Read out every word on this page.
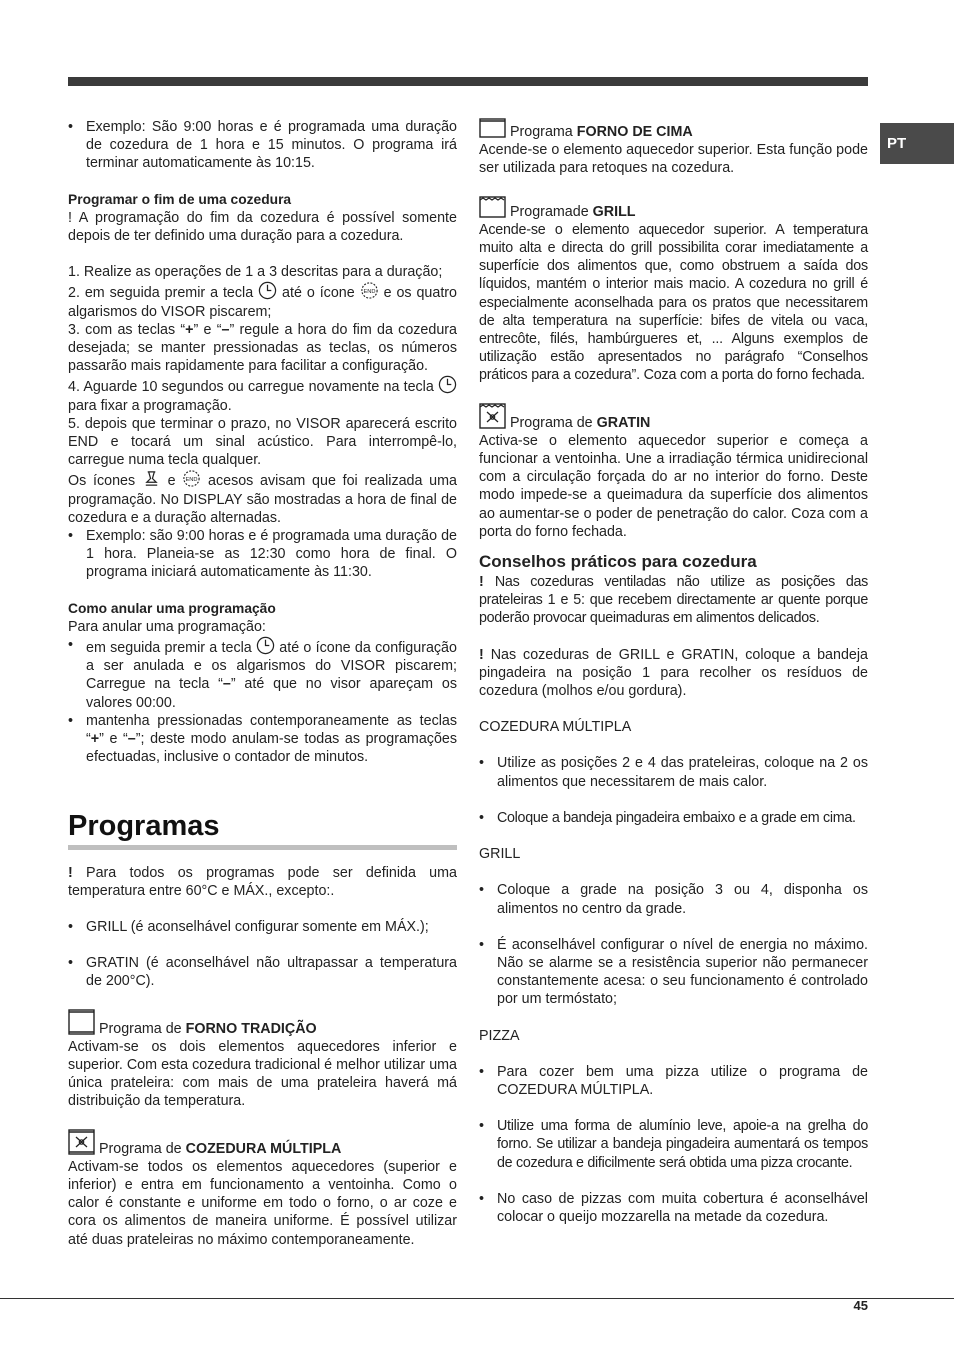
PT

• Exemplo: São 9:00 horas e é programada uma duração de cozedura de 1 hora e 15 minutos. O programa irá terminar automaticamente às 10:15.

Programar o fim de uma cozedura

! A programação do fim da cozedura é possível somente depois de ter definido uma duração para a cozedura.

1. Realize as operações de 1 a 3 descritas para a duração;

2. em seguida premir a tecla até o ícone END e os quatro algarismos do VISOR piscarem;

3. com as teclas “+” e “–” regule a hora do fim da cozedura desejada; se manter pressionadas as teclas, os números passarão mais rapidamente para facilitar a configuração.

4. Aguarde 10 segundos ou carregue novamente na tecla  para fixar a programação.

5. depois que terminar o prazo, no VISOR aparecerá escrito END e tocará um sinal acústico. Para interrompê-lo, carregue numa tecla qualquer.

Os ícones e END acesos avisam que foi realizada uma programação. No DISPLAY são mostradas a hora de final de cozedura e a duração alternadas.

• Exemplo: são 9:00 horas e é programada uma duração de 1 hora. Planeia-se as 12:30 como hora de final. O programa iniciará automaticamente às 11:30.

Como anular uma programação

Para anular uma programação:

• em seguida premir a tecla até o ícone da configuração a ser anulada e os algarismos do VISOR piscarem; Carregue na tecla “–” até que no visor apareçam os valores 00:00.

• mantenha pressionadas contemporaneamente as teclas “+” e “–”; deste modo anulam-se todas as programações efectuadas, inclusive o contador de minutos.

Programas

! Para todos os programas pode ser definida uma temperatura entre 60°C e MÁX., excepto:.

• GRILL (é aconselhável configurar somente em MÁX.);

• GRATIN (é aconselhável não ultrapassar a temperatura de 200°C).

Programa de FORNO TRADIÇÃO

Activam-se os dois elementos aquecedores inferior e superior. Com esta cozedura tradicional é melhor utilizar uma única prateleira: com mais de uma prateleira haverá má distribuição da temperatura.

Programa de COZEDURA MÚLTIPLA

Activam-se todos os elementos aquecedores (superior e inferior) e entra em funcionamento a ventoinha. Como o calor é constante e uniforme em todo o forno, o ar coze e cora os alimentos de maneira uniforme. É possível utilizar até duas prateleiras no máximo contemporaneamente.

Programa FORNO DE CIMA

Acende-se o elemento aquecedor superior. Esta função pode ser utilizada para retoques na cozedura.

Programade GRILL

Acende-se o elemento aquecedor superior. A temperatura muito alta e directa do grill possibilita corar imediatamente a superfície dos alimentos que, como obstruem a saída dos líquidos, mantém o interior mais macio. A cozedura no grill é especialmente aconselhada para os pratos que necessitarem de alta temperatura na superfície: bifes de vitela ou vaca, entrecôte, filés, hambúrgueres et, ... Alguns exemplos de utilização estão apresentados no parágrafo “Conselhos práticos para a cozedura”. Coza com a porta do forno fechada.

Programa de GRATIN

Activa-se o elemento aquecedor superior e começa a funcionar a ventoinha. Une a irradiação térmica unidirecional com a circulação forçada do ar no interior do forno. Deste modo impede-se a queimadura da superfície dos alimentos ao aumentar-se o poder de penetração do calor. Coza com a porta do forno fechada.

Conselhos práticos para cozedura

! Nas cozeduras ventiladas não utilize as posições das prateleiras 1 e 5: que recebem directamente ar quente porque poderão provocar queimaduras em alimentos delicados.

! Nas cozeduras de GRILL e GRATIN, coloque a bandeja pingadeira na posição 1 para recolher os resíduos de cozedura (molhos e/ou gordura).

COZEDURA MÚLTIPLA

• Utilize as posições 2 e 4 das prateleiras, coloque na 2 os alimentos que necessitarem de mais calor.

• Coloque a bandeja pingadeira embaixo e a grade em cima.

GRILL

• Coloque a grade na posição 3 ou 4, disponha os alimentos no centro da grade.

• É aconselhável configurar o nível de energia no máximo. Não se alarme se a resistência superior não permanecer constantemente acesa: o seu funcionamento é controlado por um termóstato;

PIZZA

• Para cozer bem uma pizza utilize o programa de COZEDURA MÚLTIPLA.

• Utilize uma forma de alumínio leve, apoie-a na grelha do forno. Se utilizar a bandeja pingadeira aumentará os tempos de cozedura e dificilmente será obtida uma pizza crocante.

• No caso de pizzas com muita cobertura é aconselhável colocar o queijo mozzarella na metade da cozedura.

45
